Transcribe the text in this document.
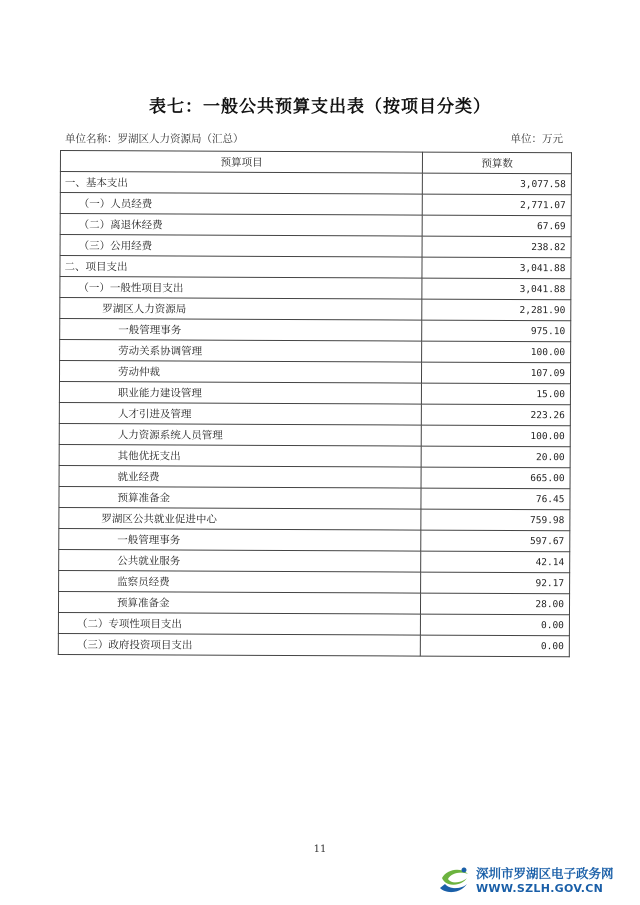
表七：一般公共预算支出表（按项目分类）
单位名称：罗湖区人力资源局（汇总）	单位：万元
预算项目	预算数
一、基本支出	3,077.58
（一）人员经费	2,771.07
（二）离退休经费	67.69
（三）公用经费	238.82
二、项目支出	3,041.88
（一）一般性项目支出	3,041.88
罗湖区人力资源局	2,281.90
一般管理事务	975.10
劳动关系协调管理	100.00
劳动仲裁	107.09
职业能力建设管理	15.00
人才引进及管理	223.26
人力资源系统人员管理	100.00
其他优抚支出	20.00
就业经费	665.00
预算准备金	76.45
罗湖区公共就业促进中心	759.98
一般管理事务	597.67
公共就业服务	42.14
监察员经费	92.17
预算准备金	28.00
（二）专项性项目支出	0.00
（三）政府投资项目支出	0.00
11
深圳市罗湖区电子政务网
WWW.SZLH.GOV.CN
